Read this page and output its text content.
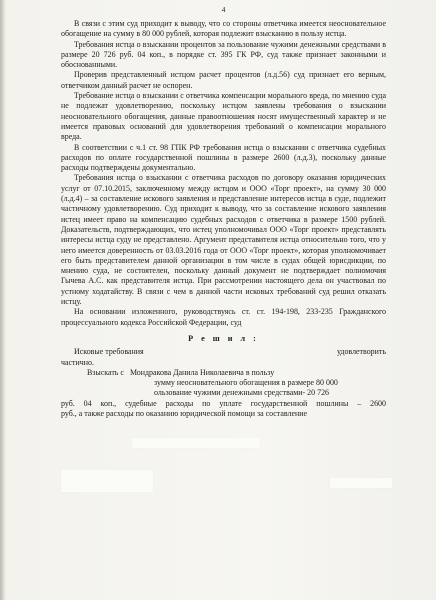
4

В связи с этим суд приходит к выводу, что со стороны ответчика имеется неосновательное обогащение на сумму в 80 000 рублей, которая подлежит взысканию в пользу истца.

Требования истца о взыскании процентов за пользование чужими денежными средствами в размере 20 726 руб. 04 коп., в порядке ст. 395 ГК РФ, суд также признает законными и обоснованными.

Проверив представленный истцом расчет процентов (л.д.56) суд признает его верным, ответчиком данный расчет не оспорен.

Требование истца о взыскании с ответчика компенсации морального вреда, по мнению суда не подлежат удовлетворению, поскольку истцом заявлены требования о взыскании неосновательного обогащения, данные правоотношения носят имущественный характер и не имеется правовых оснований для удовлетворения требований о компенсации морального вреда.

В соответствии с ч.1 ст. 98 ГПК РФ требования истца о взыскании с ответчика судебных расходов по оплате государственной пошлины в размере 2600 (л.д.3), поскольку данные расходы подтверждены документально.

Требования истца о взыскании с ответчика расходов по договору оказания юридических услуг от 07.10.2015, заключенному между истцом и ООО «Торг проект», на сумму 30 000 (л.д.4) – за составление искового заявления и представление интересов истца в суде, подлежит частичному удовлетворению. Суд приходит к выводу, что за составление искового заявления истец имеет право на компенсацию судебных расходов с ответчика в размере 1500 рублей. Доказательств, подтверждающих, что истец уполномочивал ООО «Торг проект» представлять интересы истца суду не представлено. Аргумент представителя истца относительно того, что у него имеется доверенность от 03.03.2016 года от ООО «Торг проект», которая уполномочивает его быть представителем данной организации в том числе в судах общей юрисдикции, по мнению суда, не состоятелен, поскольку данный документ не подтверждает полномочия Гычева А.С. как представителя истца. При рассмотрении настоящего дела он участвовал по устному ходатайству. В связи с чем в данной части исковых требований суд решил отказать истцу.

На основании изложенного, руководствуясь ст. ст. 194-198, 233-235 Гражданского процессуального кодекса Российской Федерации, суд

Р е ш и л :

Исковые требования	удовлетворить

частично.

Взыскать с Мондракова Данила Николаевича в пользу

зумму неосновательного обогащения в размере 80 000

ользование чужими денежными средствами- 20 726

руб. 04 коп., судебные расходы по уплате государственной пошлины – 2600

руб., а также расходы по оказанию юридической помощи за составление
